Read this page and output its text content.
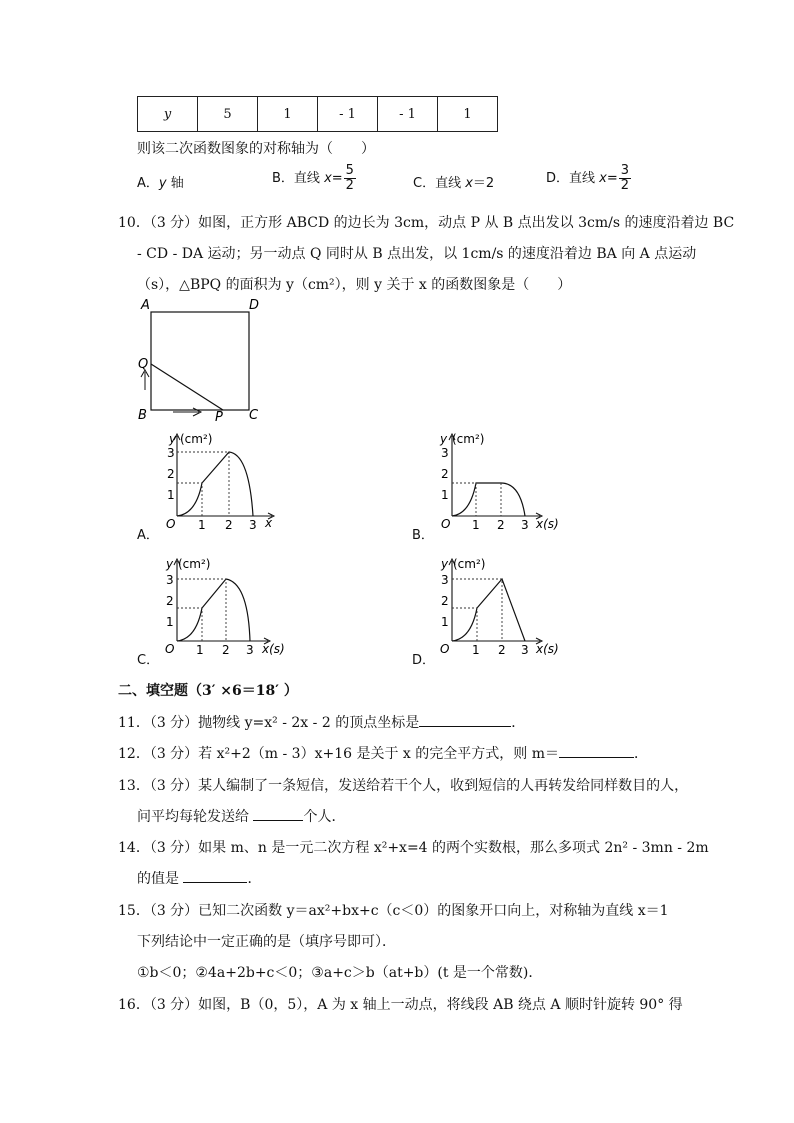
y	5	1	- 1	- 1	1
则该二次函数图象的对称轴为（　　）
A．y 轴	B．直线 $x= \frac{5}{2}$	C．直线 x＝2	D．直线 $x= \frac{3}{2}$
10．（3 分）如图，正方形 ABCD 的边长为 3cm，动点 P 从 B 点出发以 3cm/s 的速度沿着边 BC
- CD - DA 运动；另一动点 Q 同时从 B 点出发，以 1cm/s 的速度沿着边 BA 向 A 点运动
（s），△BPQ 的面积为 y（cm²），则 y 关于 x 的函数图象是（　　）
A	D
Q
B	P C
A．
y (cm²)
3
2
1
O 1 2 3 x
B．
y (cm²)
3
2
1
O 1 2 3 x(s)
C．
y (cm²)
3
2
1
O 1 2 3 x(s)
D．
y (cm²)
3
2
1
O 1 2 3 x(s)
二、填空题（3′ ×6＝18′ ）
11．（3 分）抛物线 y=x² - 2x - 2 的顶点坐标是	．
12．（3 分）若 x²+2（m - 3）x+16 是关于 x 的完全平方式，则 m＝	．
13．（3 分）某人编制了一条短信，发送给若干个人，收到短信的人再转发给同样数目的人，
问平均每轮发送给	个人．
14．（3 分）如果 m、n 是一元二次方程 x²+x=4 的两个实数根，那么多项式 2n² - 3mn - 2m
的值是	．
15．（3 分）已知二次函数 y＝ax²+bx+c（c＜0）的图象开口向上，对称轴为直线 x＝1
下列结论中一定正确的是（填序号即可）．
①b＜0；②4a+2b+c＜0；③a+c＞b（at+b）(t 是一个常数)．
16．（3 分）如图，B（0，5），A 为 x 轴上一动点，将线段 AB 绕点 A 顺时针旋转 90° 得
